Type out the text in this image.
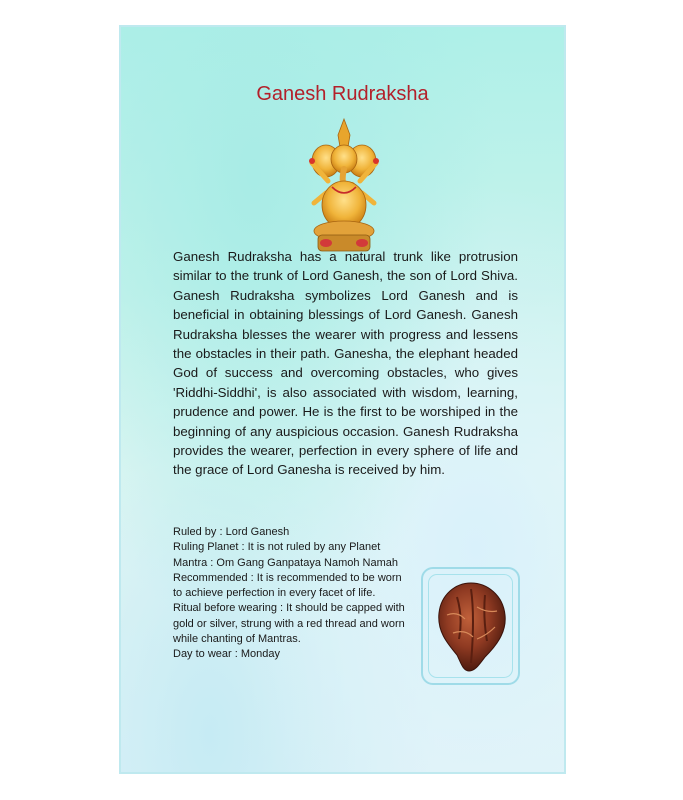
Ganesh Rudraksha

Ganesh Rudraksha has a natural trunk like protrusion similar to the trunk of Lord Ganesh, the son of Lord Shiva. Ganesh Rudraksha symbolizes Lord Ganesh and is beneficial in obtaining blessings of Lord Ganesh. Ganesh Rudraksha blesses the wearer with progress and lessens the obstacles in their path. Ganesha, the elephant headed God of success and overcoming obstacles, who gives 'Riddhi-Siddhi', is also associated with wisdom, learning, prudence and power. He is the first to be worshiped in the beginning of any auspicious occasion. Ganesh Rudraksha provides the wearer, perfection in every sphere of life and the grace of Lord Ganesha is received by him.

Ruled by : Lord Ganesh
Ruling Planet : It is not ruled by any Planet
Mantra : Om Gang Ganpataya Namoh Namah
Recommended : It is recommended to be worn to achieve perfection in every facet of life.
Ritual before wearing : It should be capped with gold or silver, strung with a red thread and worn while chanting of Mantras.
Day to wear : Monday
